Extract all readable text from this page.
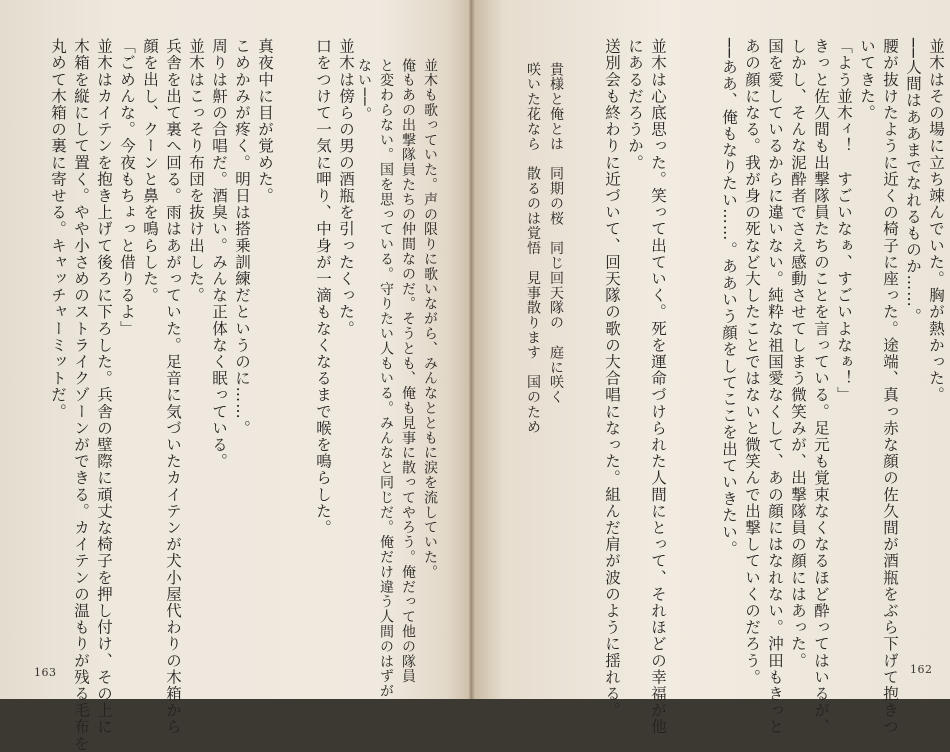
並木はその場に立ち竦んでいた。胸が熱かった。
──人間はああまでなれるものか……。
腰が抜けたように近くの椅子に座った。途端、真っ赤な顔の佐久間が酒瓶をぶら下げて抱きつ
いてきた。
「よう並木ィ！　すごいなぁ、すごいよなぁ！」
きっと佐久間も出撃隊員たちのことを言っている。足元も覚束なくなるほど酔ってはいるが、
しかし、そんな泥酔者でさえ感動させてしまう微笑みが、出撃隊員の顔にはあった。
国を愛しているからに違いない。純粋な祖国愛なくして、あの顔にはなれない。沖田もきっと
あの顔になる。我が身の死など大したことではないと微笑んで出撃していくのだろう。
──ああ、俺もなりたい……。ああいう顔をしてここを出ていきたい。
並木は心底思った。笑って出ていく。死を運命づけられた人間にとって、それほどの幸福が他
にあるだろうか。
送別会も終わりに近づいて、回天隊の歌の大合唱になった。組んだ肩が波のように揺れる。
貴様と俺とは　同期の桜　同じ回天隊の　庭に咲く
咲いた花なら　散るのは覚悟　見事散ります　国のため
162
並木も歌っていた。声の限りに歌いながら、みんなとともに涙を流していた。
俺もあの出撃隊員たちの仲間なのだ。そうとも、俺も見事に散ってやろう。俺だって他の隊員
と変わらない。国を思っている。守りたい人もいる。みんなと同じだ。俺だけ違う人間のはずが
ない──。
並木は傍らの男の酒瓶を引ったくった。
口をつけて一気に呷り、中身が一滴もなくなるまで喉を鳴らした。
真夜中に目が覚めた。
こめかみが疼く。明日は搭乗訓練だというのに……。
周りは鼾の合唱だ。酒臭い。みんな正体なく眠っている。
並木はこっそり布団を抜け出した。
兵舎を出て裏へ回る。雨はあがっていた。足音に気づいたカイテンが犬小屋代わりの木箱から
顔を出し、クーンと鼻を鳴らした。
「ごめんな。今夜もちょっと借りるよ」
並木はカイテンを抱き上げて後ろに下ろした。兵舎の壁際に頑丈な椅子を押し付け、その上に
木箱を縦にして置く。やや小さめのストライクゾーンができる。カイテンの温もりが残る毛布を
丸めて木箱の裏に寄せる。キャッチャーミットだ。
163
